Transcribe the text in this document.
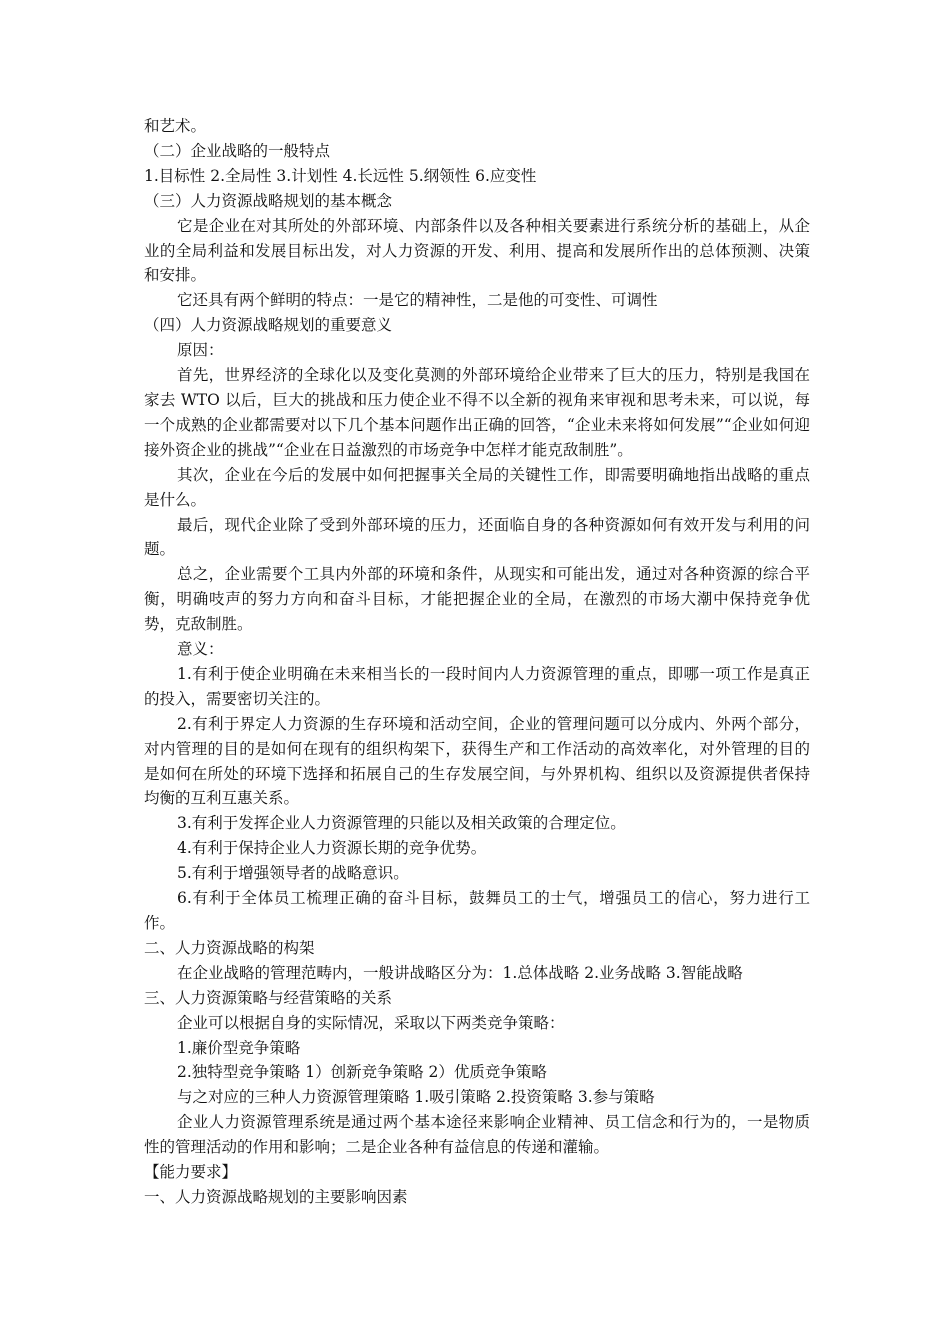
和艺术。

（二）企业战略的一般特点

1.目标性 2.全局性 3.计划性 4.长远性 5.纲领性 6.应变性

（三）人力资源战略规划的基本概念

它是企业在对其所处的外部环境、内部条件以及各种相关要素进行系统分析的基础上，从企业的全局利益和发展目标出发，对人力资源的开发、利用、提高和发展所作出的总体预测、决策和安排。

它还具有两个鲜明的特点：一是它的精神性，二是他的可变性、可调性

（四）人力资源战略规划的重要意义

原因：

首先，世界经济的全球化以及变化莫测的外部环境给企业带来了巨大的压力，特别是我国在家去 WTO 以后，巨大的挑战和压力使企业不得不以全新的视角来审视和思考未来，可以说，每一个成熟的企业都需要对以下几个基本问题作出正确的回答，“企业未来将如何发展”“企业如何迎接外资企业的挑战”“企业在日益激烈的市场竞争中怎样才能克敌制胜”。

其次，企业在今后的发展中如何把握事关全局的关键性工作，即需要明确地指出战略的重点是什么。

最后，现代企业除了受到外部环境的压力，还面临自身的各种资源如何有效开发与利用的问题。

总之，企业需要个工具内外部的环境和条件，从现实和可能出发，通过对各种资源的综合平衡，明确吱声的努力方向和奋斗目标，才能把握企业的全局，在激烈的市场大潮中保持竞争优势，克敌制胜。

意义：

1.有利于使企业明确在未来相当长的一段时间内人力资源管理的重点，即哪一项工作是真正的投入，需要密切关注的。

2.有利于界定人力资源的生存环境和活动空间，企业的管理问题可以分成内、外两个部分，对内管理的目的是如何在现有的组织构架下，获得生产和工作活动的高效率化，对外管理的目的是如何在所处的环境下选择和拓展自己的生存发展空间，与外界机构、组织以及资源提供者保持均衡的互利互惠关系。

3.有利于发挥企业人力资源管理的只能以及相关政策的合理定位。

4.有利于保持企业人力资源长期的竞争优势。

5.有利于增强领导者的战略意识。

6.有利于全体员工梳理正确的奋斗目标，鼓舞员工的士气，增强员工的信心，努力进行工作。

二、人力资源战略的构架

在企业战略的管理范畴内，一般讲战略区分为：1.总体战略 2.业务战略 3.智能战略

三、人力资源策略与经营策略的关系

企业可以根据自身的实际情况，采取以下两类竞争策略：

1.廉价型竞争策略

2.独特型竞争策略 1）创新竞争策略 2）优质竞争策略

与之对应的三种人力资源管理策略 1.吸引策略 2.投资策略 3.参与策略

企业人力资源管理系统是通过两个基本途径来影响企业精神、员工信念和行为的，一是物质性的管理活动的作用和影响；二是企业各种有益信息的传递和灌输。

【能力要求】

一、人力资源战略规划的主要影响因素
